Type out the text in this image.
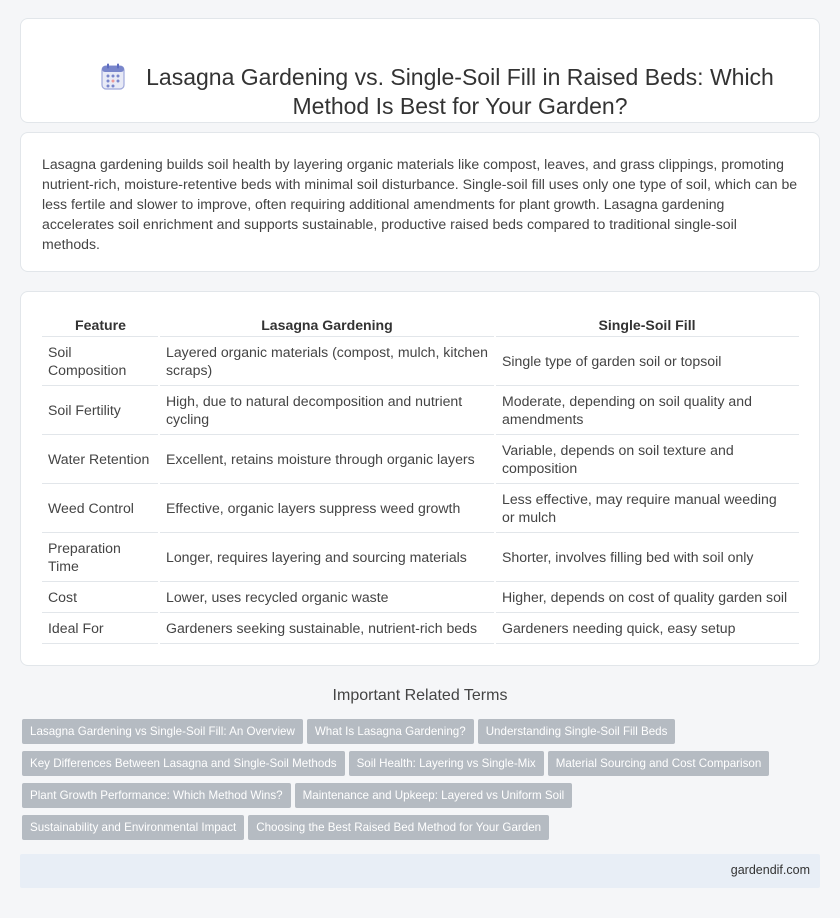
Lasagna Gardening vs. Single-Soil Fill in Raised Beds: Which Method Is Best for Your Garden?

Lasagna gardening builds soil health by layering organic materials like compost, leaves, and grass clippings, promoting nutrient-rich, moisture-retentive beds with minimal soil disturbance. Single-soil fill uses only one type of soil, which can be less fertile and slower to improve, often requiring additional amendments for plant growth. Lasagna gardening accelerates soil enrichment and supports sustainable, productive raised beds compared to traditional single-soil methods.

Feature	Lasagna Gardening	Single-Soil Fill
Soil Composition	Layered organic materials (compost, mulch, kitchen scraps)	Single type of garden soil or topsoil
Soil Fertility	High, due to natural decomposition and nutrient cycling	Moderate, depending on soil quality and amendments
Water Retention	Excellent, retains moisture through organic layers	Variable, depends on soil texture and composition
Weed Control	Effective, organic layers suppress weed growth	Less effective, may require manual weeding or mulch
Preparation Time	Longer, requires layering and sourcing materials	Shorter, involves filling bed with soil only
Cost	Lower, uses recycled organic waste	Higher, depends on cost of quality garden soil
Ideal For	Gardeners seeking sustainable, nutrient-rich beds	Gardeners needing quick, easy setup
Important Related Terms
Lasagna Gardening vs Single-Soil Fill: An Overview What Is Lasagna Gardening? Understanding Single-Soil Fill Beds
Key Differences Between Lasagna and Single-Soil Methods Soil Health: Layering vs Single-Mix Material Sourcing and Cost Comparison
Plant Growth Performance: Which Method Wins? Maintenance and Upkeep: Layered vs Uniform Soil
Sustainability and Environmental Impact Choosing the Best Raised Bed Method for Your Garden
gardendif.com
